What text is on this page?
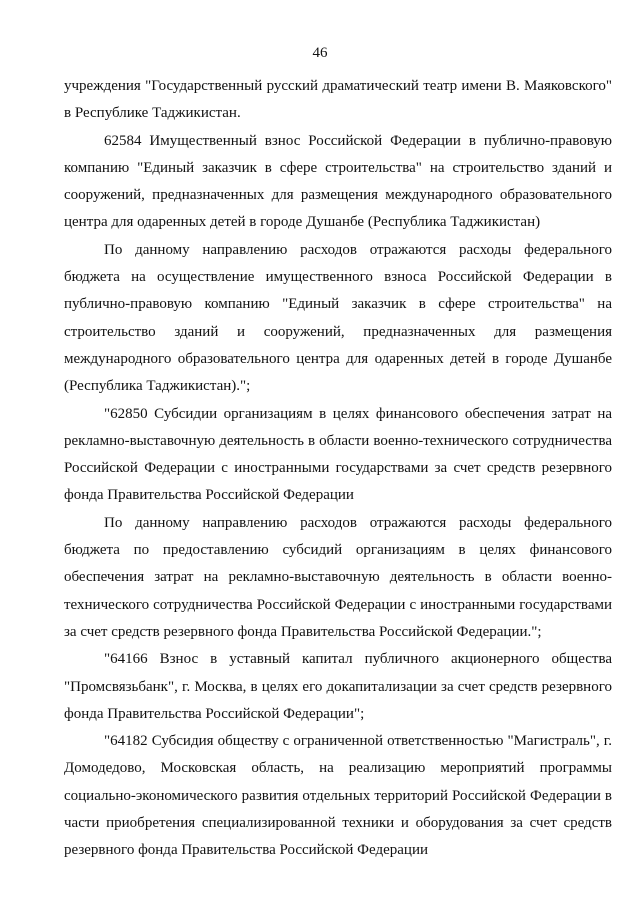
46

учреждения "Государственный русский драматический театр имени В. Маяковского" в Республике Таджикистан.

62584 Имущественный взнос Российской Федерации в публично-правовую компанию "Единый заказчик в сфере строительства" на строительство зданий и сооружений, предназначенных для размещения международного образовательного центра для одаренных детей в городе Душанбе (Республика Таджикистан)

По данному направлению расходов отражаются расходы федерального бюджета на осуществление имущественного взноса Российской Федерации в публично-правовую компанию "Единый заказчик в сфере строительства" на строительство зданий и сооружений, предназначенных для размещения международного образовательного центра для одаренных детей в городе Душанбе (Республика Таджикистан).";

"62850 Субсидии организациям в целях финансового обеспечения затрат на рекламно-выставочную деятельность в области военно-технического сотрудничества Российской Федерации с иностранными государствами за счет средств резервного фонда Правительства Российской Федерации

По данному направлению расходов отражаются расходы федерального бюджета по предоставлению субсидий организациям в целях финансового обеспечения затрат на рекламно-выставочную деятельность в области военно-технического сотрудничества Российской Федерации с иностранными государствами за счет средств резервного фонда Правительства Российской Федерации.";

"64166 Взнос в уставный капитал публичного акционерного общества "Промсвязьбанк", г. Москва, в целях его докапитализации за счет средств резервного фонда Правительства Российской Федерации";

"64182 Субсидия обществу с ограниченной ответственностью "Магистраль", г. Домодедово, Московская область, на реализацию мероприятий программы социально-экономического развития отдельных территорий Российской Федерации в части приобретения специализированной техники и оборудования за счет средств резервного фонда Правительства Российской Федерации
